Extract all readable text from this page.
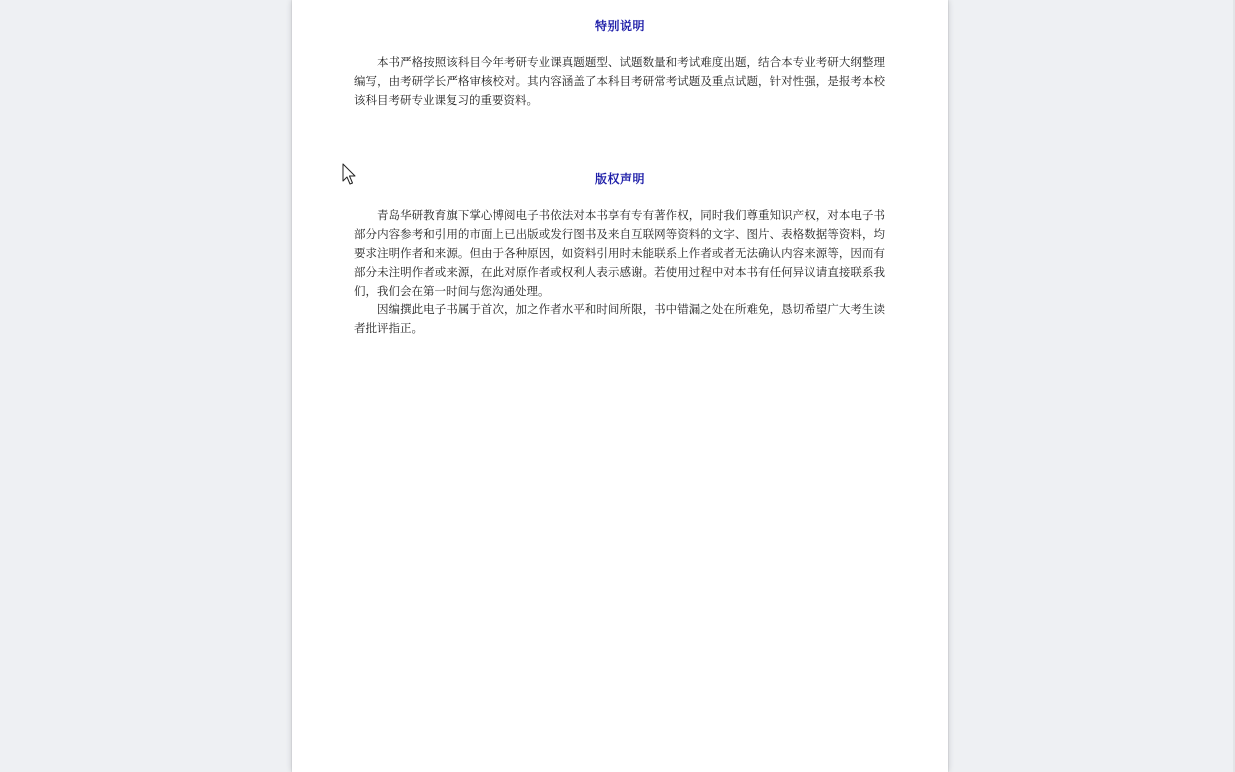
特别说明

本书严格按照该科目今年考研专业课真题题型、试题数量和考试难度出题，结合本专业考研大纲整理编写，由考研学长严格审核校对。其内容涵盖了本科目考研常考试题及重点试题，针对性强，是报考本校该科目考研专业课复习的重要资料。

版权声明

青岛华研教育旗下掌心博阅电子书依法对本书享有专有著作权，同时我们尊重知识产权，对本电子书部分内容参考和引用的市面上已出版或发行图书及来自互联网等资料的文字、图片、表格数据等资料，均要求注明作者和来源。但由于各种原因，如资料引用时未能联系上作者或者无法确认内容来源等，因而有部分未注明作者或来源，在此对原作者或权利人表示感谢。若使用过程中对本书有任何异议请直接联系我们，我们会在第一时间与您沟通处理。

因编撰此电子书属于首次，加之作者水平和时间所限，书中错漏之处在所难免，恳切希望广大考生读者批评指正。
